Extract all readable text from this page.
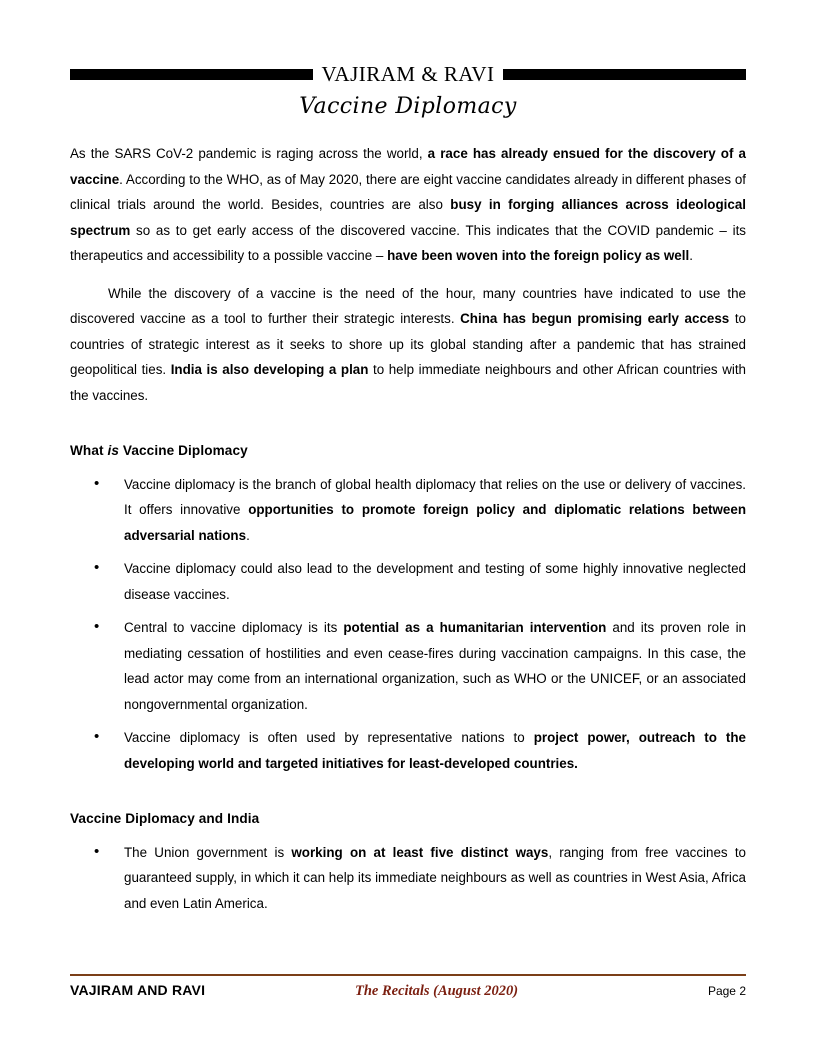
VAJIRAM & RAVI
Vaccine Diplomacy

As the SARS CoV-2 pandemic is raging across the world, a race has already ensued for the discovery of a vaccine. According to the WHO, as of May 2020, there are eight vaccine candidates already in different phases of clinical trials around the world. Besides, countries are also busy in forging alliances across ideological spectrum so as to get early access of the discovered vaccine. This indicates that the COVID pandemic – its therapeutics and accessibility to a possible vaccine – have been woven into the foreign policy as well.

While the discovery of a vaccine is the need of the hour, many countries have indicated to use the discovered vaccine as a tool to further their strategic interests. China has begun promising early access to countries of strategic interest as it seeks to shore up its global standing after a pandemic that has strained geopolitical ties. India is also developing a plan to help immediate neighbours and other African countries with the vaccines.

What is Vaccine Diplomacy
• Vaccine diplomacy is the branch of global health diplomacy that relies on the use or delivery of vaccines. It offers innovative opportunities to promote foreign policy and diplomatic relations between adversarial nations.
• Vaccine diplomacy could also lead to the development and testing of some highly innovative neglected disease vaccines.
• Central to vaccine diplomacy is its potential as a humanitarian intervention and its proven role in mediating cessation of hostilities and even cease-fires during vaccination campaigns. In this case, the lead actor may come from an international organization, such as WHO or the UNICEF, or an associated nongovernmental organization.
• Vaccine diplomacy is often used by representative nations to project power, outreach to the developing world and targeted initiatives for least-developed countries.
Vaccine Diplomacy and India
• The Union government is working on at least five distinct ways, ranging from free vaccines to guaranteed supply, in which it can help its immediate neighbours as well as countries in West Asia, Africa and even Latin America.
VAJIRAM AND RAVI	The Recitals (August 2020)	Page 2
